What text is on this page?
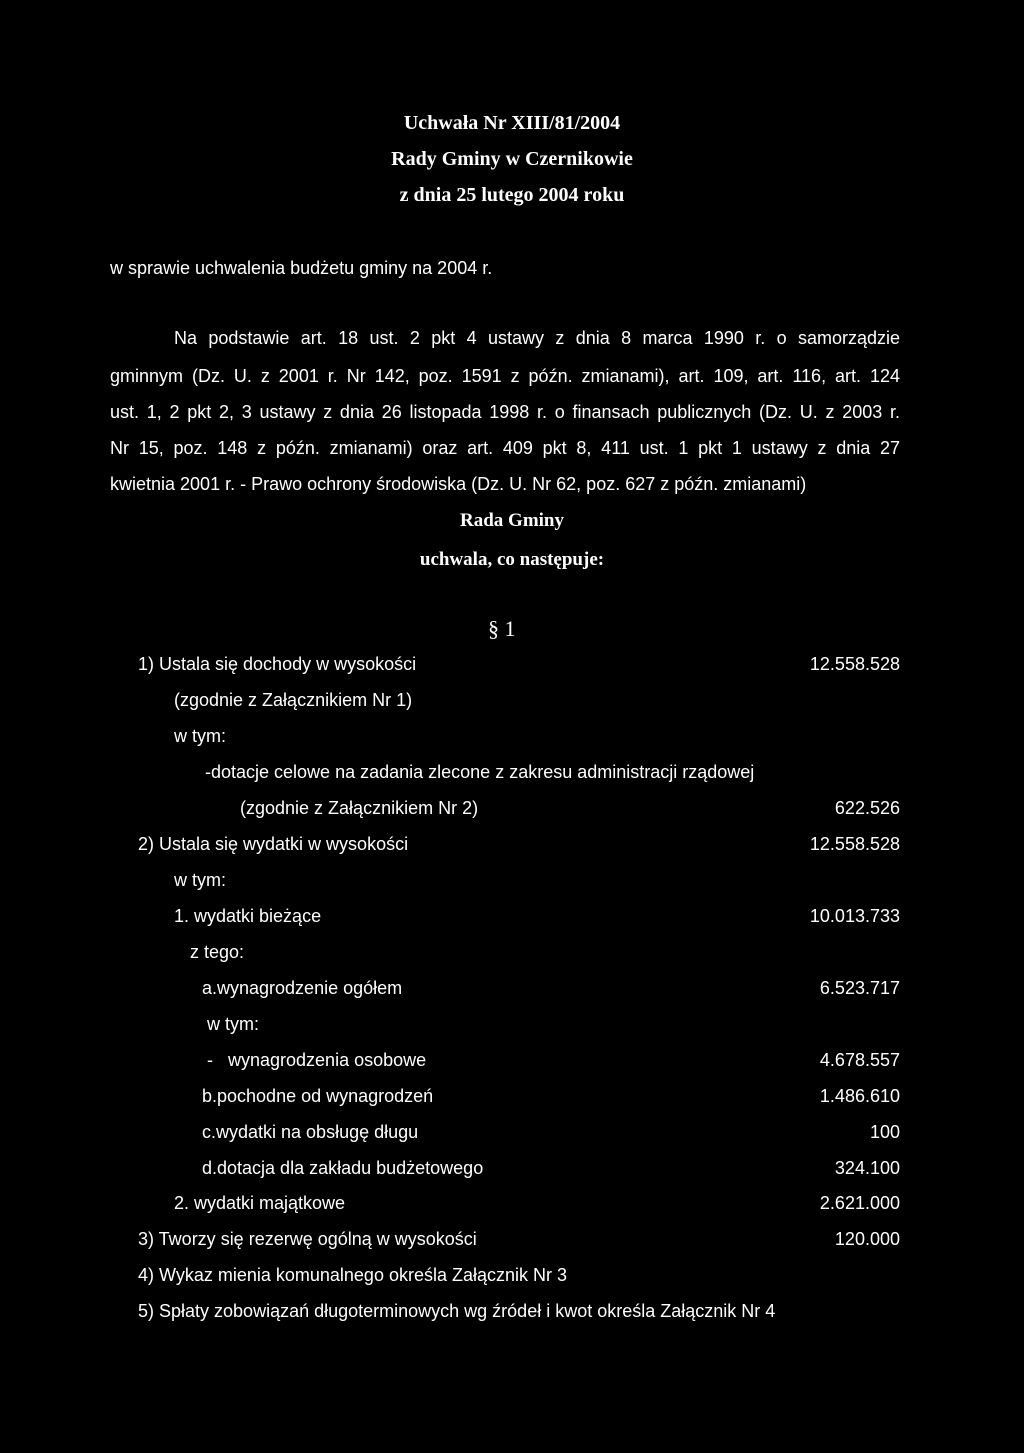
Uchwała Nr XIII/81/2004
Rady Gminy w Czernikowie
z dnia 25 lutego 2004 roku
w sprawie uchwalenia budżetu gminy na 2004 r.
Na podstawie art. 18 ust. 2 pkt 4 ustawy z dnia 8 marca 1990 r. o samorządzie
gminnym (Dz. U. z 2001 r. Nr 142, poz. 1591 z późn. zmianami), art. 109, art. 116, art. 124
ust. 1, 2 pkt 2, 3 ustawy z dnia 26 listopada 1998 r. o finansach publicznych (Dz. U. z 2003 r.
Nr 15, poz. 148 z późn. zmianami) oraz art. 409 pkt 8, 411 ust. 1 pkt 1 ustawy z dnia 27
kwietnia 2001 r. - Prawo ochrony środowiska (Dz. U. Nr 62, poz. 627 z późn. zmianami)
Rada Gminy
uchwala, co następuje:
§ 1
1) Ustala się dochody w wysokości	12.558.528
(zgodnie z Załącznikiem Nr 1)
w tym:
-dotacje celowe na zadania zlecone z zakresu administracji rządowej
(zgodnie z Załącznikiem Nr 2)	622.526
2) Ustala się wydatki w wysokości	12.558.528
w tym:
1. wydatki bieżące	10.013.733
z tego:
a.wynagrodzenie ogółem	6.523.717
w tym:
-   wynagrodzenia osobowe	4.678.557
b.pochodne od wynagrodzeń	1.486.610
c.wydatki na obsługę długu	100
d.dotacja dla zakładu budżetowego	324.100
2. wydatki majątkowe	2.621.000
3) Tworzy się rezerwę ogólną w wysokości	120.000
4) Wykaz mienia komunalnego określa Załącznik Nr 3
5) Spłaty zobowiązań długoterminowych wg źródeł i kwot określa Załącznik Nr 4
